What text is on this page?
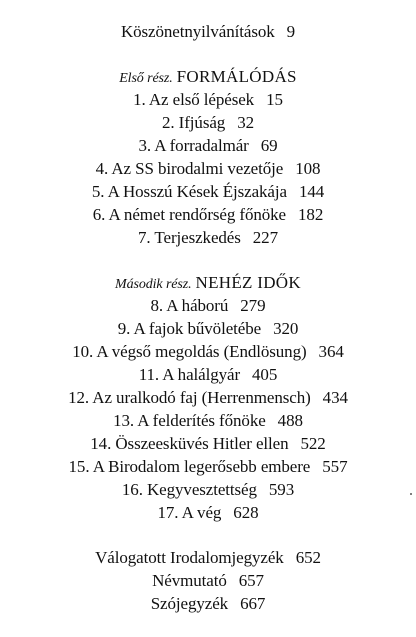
Köszönetnyilvánítások 9
Első rész. FORMÁLÓDÁS
1. Az első lépések 15
2. Ifjúság 32
3. A forradalmár 69
4. Az SS birodalmi vezetője 108
5. A Hosszú Kések Éjszakája 144
6. A német rendőrség főnöke 182
7. Terjeszkedés 227
Második rész. NEHÉZ IDŐK
8. A háború 279
9. A fajok bűvöletébe 320
10. A végső megoldás (Endlösung) 364
11. A halálgyár 405
12. Az uralkodó faj (Herrenmensch) 434
13. A felderítés főnöke 488
14. Összeesküvés Hitler ellen 522
15. A Birodalom legerősebb embere 557
16. Kegyvesztettség 593
17. A vég 628
Válogatott Irodalomjegyzék 652
Névmutató 657
Szójegyzék 667
